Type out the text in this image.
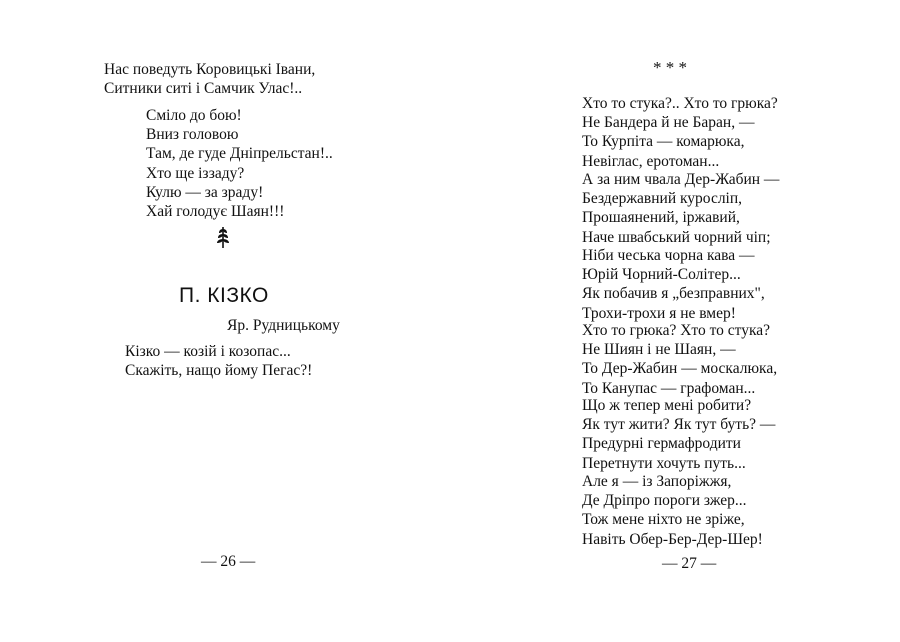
Нас поведуть Коровицькі Івани,
Ситники ситі і Самчик Улас!..
Сміло до бою!
Вниз головою
Там, де гуде Дніпрельстан!..
Хто ще іззаду?
Кулю — за зраду!
Хай голодує Шаян!!!
П. КІЗКО
Яр. Рудницькому
Кізко — козій і козопас...
Скажіть, нащо йому Пегас?!
— 26 —
* * *
Хто то стука?.. Хто то грюка?
Не Бандера й не Баран, —
То Курпіта — комарюка,
Невіглас, еротоман...
А за ним чвала Дер-Жабин —
Бездержавний куросліп,
Прошаянений, іржавий,
Наче швабський чорний чіп;
Ніби чеська чорна кава —
Юрій Чорний-Солітер...
Як побачив я „безправних",
Трохи-трохи я не вмер!
Хто то грюка? Хто то стука?
Не Шиян і не Шаян, —
То Дер-Жабин — москалюка,
То Канупас — графоман...
Що ж тепер мені робити?
Як тут жити? Як тут буть? —
Предурні гермафродити
Перетнути хочуть путь...
Але я — із Запоріжжя,
Де Дріпро пороги зжер...
Тож мене ніхто не зріже,
Навіть Обер-Бер-Дер-Шер!
— 27 —
